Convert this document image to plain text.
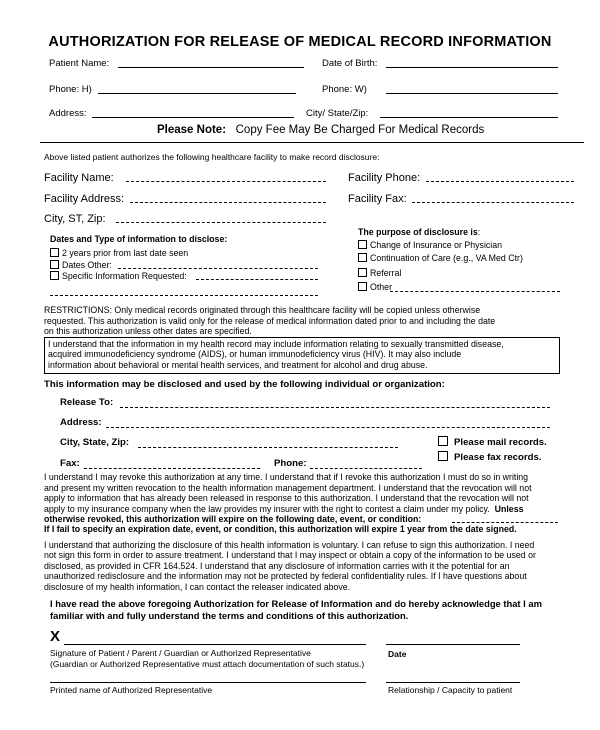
AUTHORIZATION FOR RELEASE OF MEDICAL RECORD INFORMATION
Patient Name:	Date of Birth:
Phone: H)	Phone: W)
Address:	City/ State/Zip:
Please Note: Copy Fee May Be Charged For Medical Records
Above listed patient authorizes the following healthcare facility to make record disclosure:
Facility Name:	Facility Phone:
Facility Address:	Facility Fax:
City, ST, Zip:
Dates and Type of information to disclose:
2 years prior from last date seen
Dates Other:
Specific Information Requested:
The purpose of disclosure is:
Change of Insurance or Physician
Continuation of Care (e.g., VA Med Ctr)
Referral
Other
RESTRICTIONS: Only medical records originated through this healthcare facility will be copied unless otherwise
requested. This authorization is valid only for the release of medical information dated prior to and including the date
on this authorization unless other dates are specified.
I understand that the information in my health record may include information relating to sexually transmitted disease,
acquired immunodeficiency syndrome (AIDS), or human immunodeficiency virus (HIV). It may also include
information about behavioral or mental health services, and treatment for alcohol and drug abuse.
This information may be disclosed and used by the following individual or organization:
Release To:
Address:
City, State, Zip:	Please mail records.
Fax:	Phone:
Please fax records.
I understand I may revoke this authorization at any time. I understand that if I revoke this authorization I must do so in writing
and present my written revocation to the health information management department. I understand that the revocation will not
apply to information that has already been released in response to this authorization. I understand that the revocation will not
apply to my insurance company when the law provides my insurer with the right to contest a claim under my policy. Unless
otherwise revoked, this authorization will expire on the following date, event, or condition:
If I fail to specify an expiration date, event, or condition, this authorization will expire 1 year from the date signed.
I understand that authorizing the disclosure of this health information is voluntary. I can refuse to sign this authorization. I need
not sign this form in order to assure treatment. I understand that I may inspect or obtain a copy of the information to be used or
disclosed, as provided in CFR 164.524. I understand that any disclosure of information carries with it the potential for an
unauthorized redisclosure and the information may not be protected by federal confidentiality rules. If I have questions about
disclosure of my health information, I can contact the releaser indicated above.
I have read the above foregoing Authorization for Release of Information and do hereby acknowledge that I am
familiar with and fully understand the terms and conditions of this authorization.
X
Signature of Patient / Parent / Guardian or Authorized Representative
(Guardian or Authorized Representative must attach documentation of such status.)
Date
Printed name of Authorized Representative	Relationship / Capacity to patient
